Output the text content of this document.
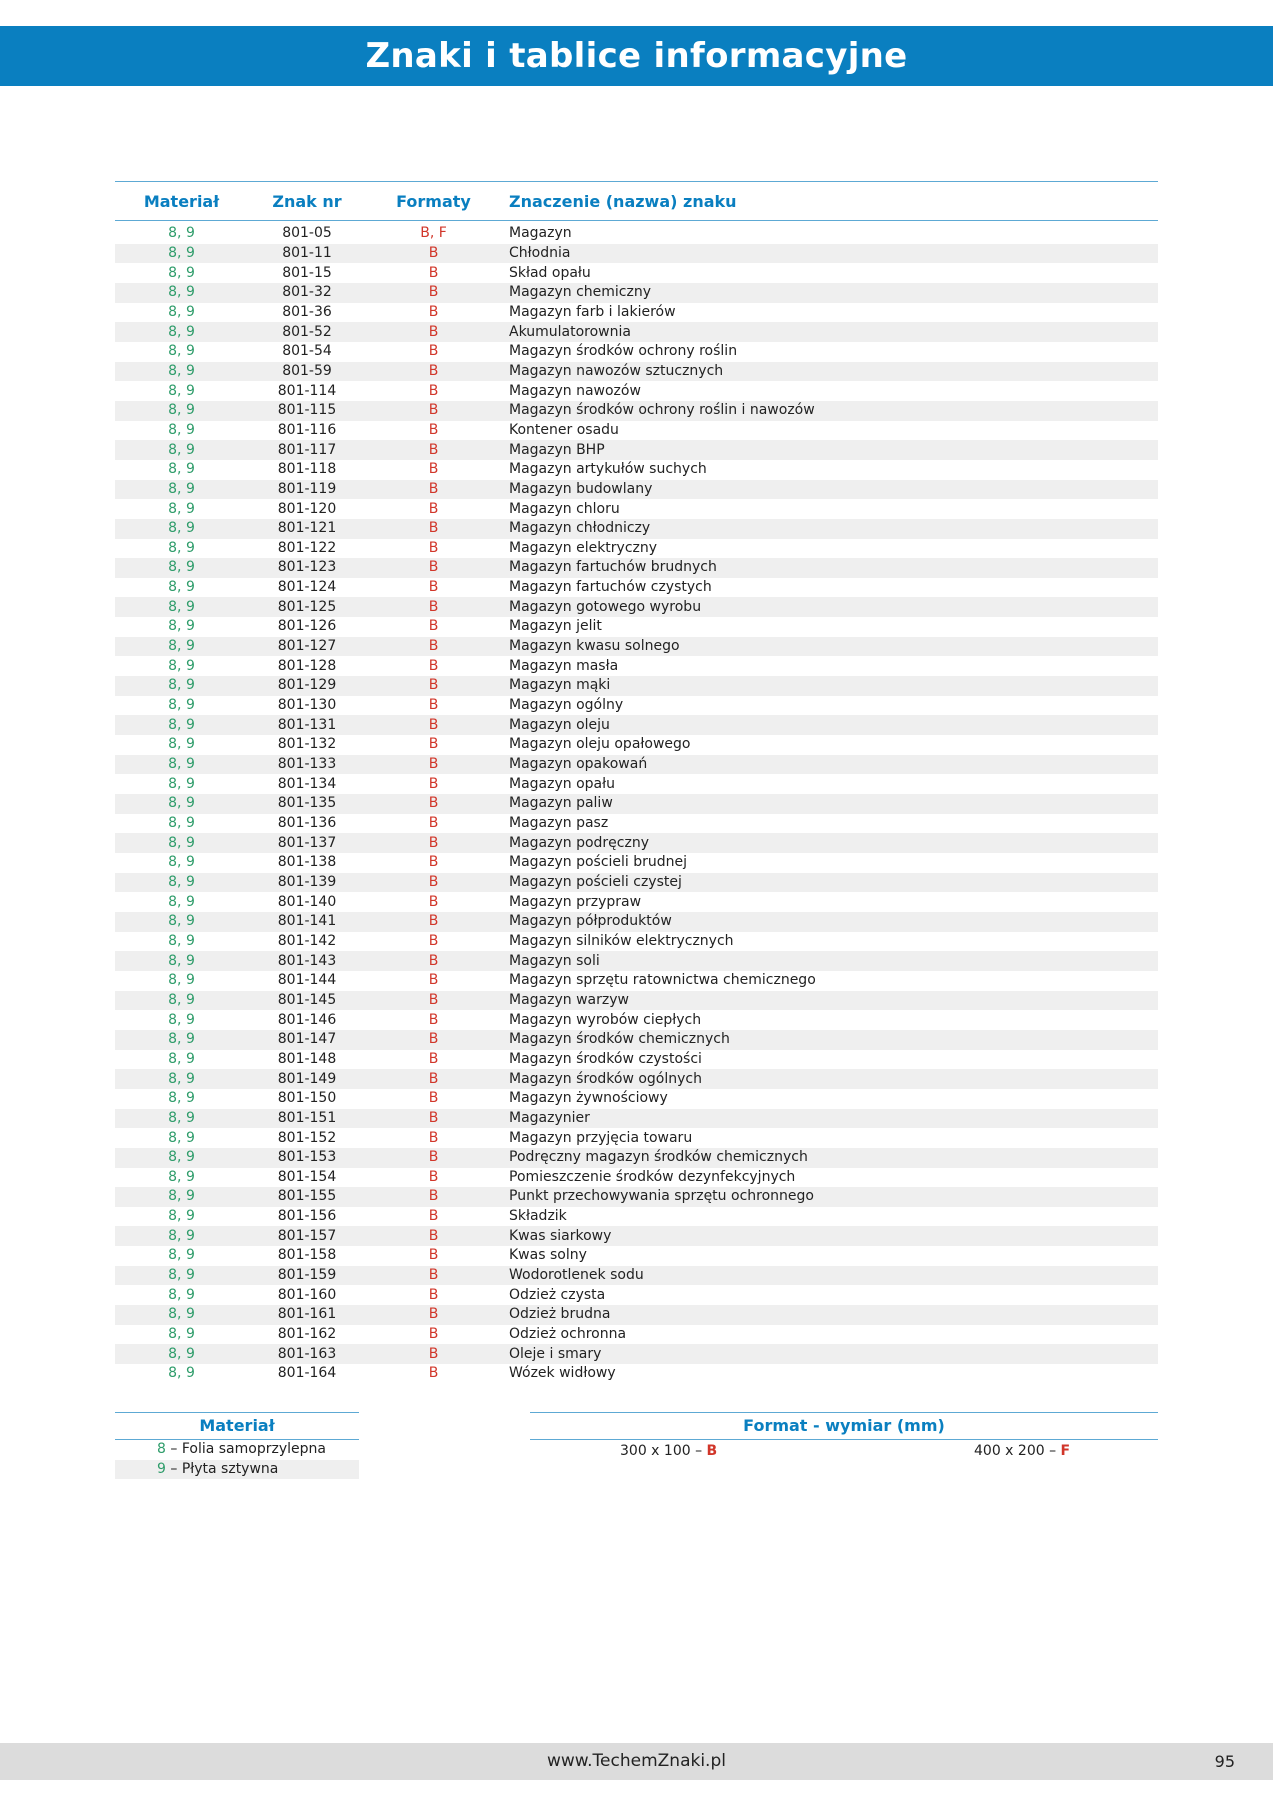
Znaki i tablice informacyjne
Materiał	Znak nr	Formaty	Znaczenie (nazwa) znaku

8, 9	801-05	B, F	Magazyn
8, 9	801-11	B	Chłodnia
8, 9	801-15	B	Skład opału
8, 9	801-32	B	Magazyn chemiczny
8, 9	801-36	B	Magazyn farb i lakierów
8, 9	801-52	B	Akumulatorownia
8, 9	801-54	B	Magazyn środków ochrony roślin
8, 9	801-59	B	Magazyn nawozów sztucznych
8, 9	801-114	B	Magazyn nawozów
8, 9	801-115	B	Magazyn środków ochrony roślin i nawozów
8, 9	801-116	B	Kontener osadu
8, 9	801-117	B	Magazyn BHP
8, 9	801-118	B	Magazyn artykułów suchych
8, 9	801-119	B	Magazyn budowlany
8, 9	801-120	B	Magazyn chloru
8, 9	801-121	B	Magazyn chłodniczy
8, 9	801-122	B	Magazyn elektryczny
8, 9	801-123	B	Magazyn fartuchów brudnych
8, 9	801-124	B	Magazyn fartuchów czystych
8, 9	801-125	B	Magazyn gotowego wyrobu
8, 9	801-126	B	Magazyn jelit
8, 9	801-127	B	Magazyn kwasu solnego
8, 9	801-128	B	Magazyn masła
8, 9	801-129	B	Magazyn mąki
8, 9	801-130	B	Magazyn ogólny
8, 9	801-131	B	Magazyn oleju
8, 9	801-132	B	Magazyn oleju opałowego
8, 9	801-133	B	Magazyn opakowań
8, 9	801-134	B	Magazyn opału
8, 9	801-135	B	Magazyn paliw
8, 9	801-136	B	Magazyn pasz
8, 9	801-137	B	Magazyn podręczny
8, 9	801-138	B	Magazyn pościeli brudnej
8, 9	801-139	B	Magazyn pościeli czystej
8, 9	801-140	B	Magazyn przypraw
8, 9	801-141	B	Magazyn półproduktów
8, 9	801-142	B	Magazyn silników elektrycznych
8, 9	801-143	B	Magazyn soli
8, 9	801-144	B	Magazyn sprzętu ratownictwa chemicznego
8, 9	801-145	B	Magazyn warzyw
8, 9	801-146	B	Magazyn wyrobów ciepłych
8, 9	801-147	B	Magazyn środków chemicznych
8, 9	801-148	B	Magazyn środków czystości
8, 9	801-149	B	Magazyn środków ogólnych
8, 9	801-150	B	Magazyn żywnościowy
8, 9	801-151	B	Magazynier
8, 9	801-152	B	Magazyn przyjęcia towaru
8, 9	801-153	B	Podręczny magazyn środków chemicznych
8, 9	801-154	B	Pomieszczenie środków dezynfekcyjnych
8, 9	801-155	B	Punkt przechowywania sprzętu ochronnego
8, 9	801-156	B	Składzik
8, 9	801-157	B	Kwas siarkowy
8, 9	801-158	B	Kwas solny
8, 9	801-159	B	Wodorotlenek sodu
8, 9	801-160	B	Odzież czysta
8, 9	801-161	B	Odzież brudna
8, 9	801-162	B	Odzież ochronna
8, 9	801-163	B	Oleje i smary
8, 9	801-164	B	Wózek widłowy
Materiał
8 – Folia samoprzylepna
9 – Płyta sztywna
Format - wymiar (mm)
300 x 100 – B	400 x 200 – F
www.TechemZnaki.pl	95
